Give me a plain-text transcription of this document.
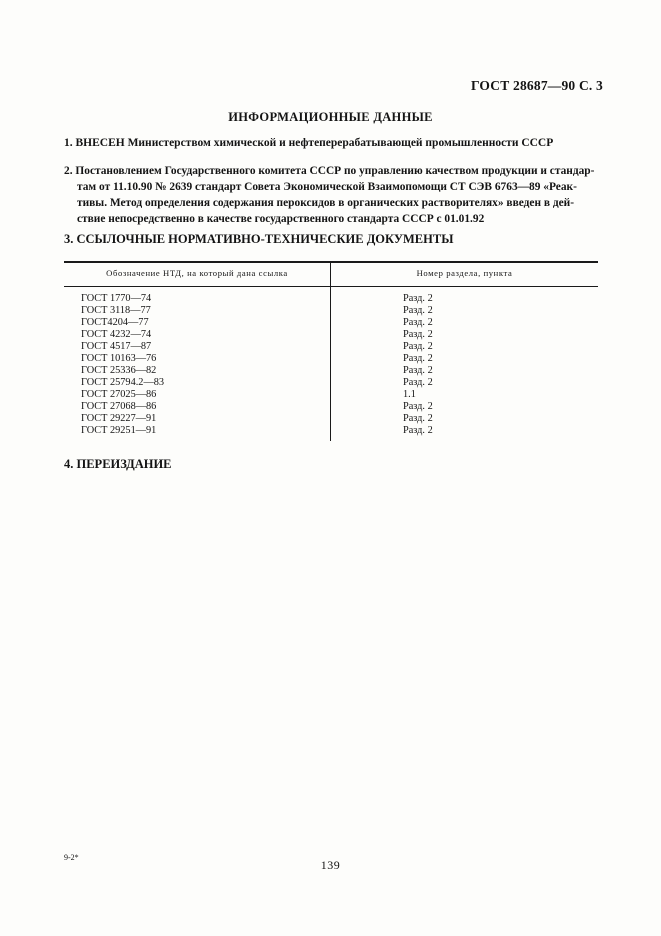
ГОСТ 28687—90 С. 3
ИНФОРМАЦИОННЫЕ ДАННЫЕ
1. ВНЕСЕН Министерством химической и нефтеперерабатывающей промышленности СССР
2. Постановлением Государственного комитета СССР по управлению качеством продукции и стандар-
там от 11.10.90 № 2639 стандарт Совета Экономической Взаимопомощи СТ СЭВ 6763—89 «Реак-
тивы. Метод определения содержания пероксидов в органических растворителях» введен в дей-
ствие непосредственно в качестве государственного стандарта СССР с 01.01.92
3. ССЫЛОЧНЫЕ НОРМАТИВНО-ТЕХНИЧЕСКИЕ ДОКУМЕНТЫ
Обозначение НТД, на который дана ссылка	Номер раздела, пункта
ГОСТ 1770—74	Разд. 2
ГОСТ 3118—77	Разд. 2
ГОСТ4204—77	Разд. 2
ГОСТ 4232—74	Разд. 2
ГОСТ 4517—87	Разд. 2
ГОСТ 10163—76	Разд. 2
ГОСТ 25336—82	Разд. 2
ГОСТ 25794.2—83	Разд. 2
ГОСТ 27025—86	1.1
ГОСТ 27068—86	Разд. 2
ГОСТ 29227—91	Разд. 2
ГОСТ 29251—91	Разд. 2
4. ПЕРЕИЗДАНИЕ
9-2*
139
